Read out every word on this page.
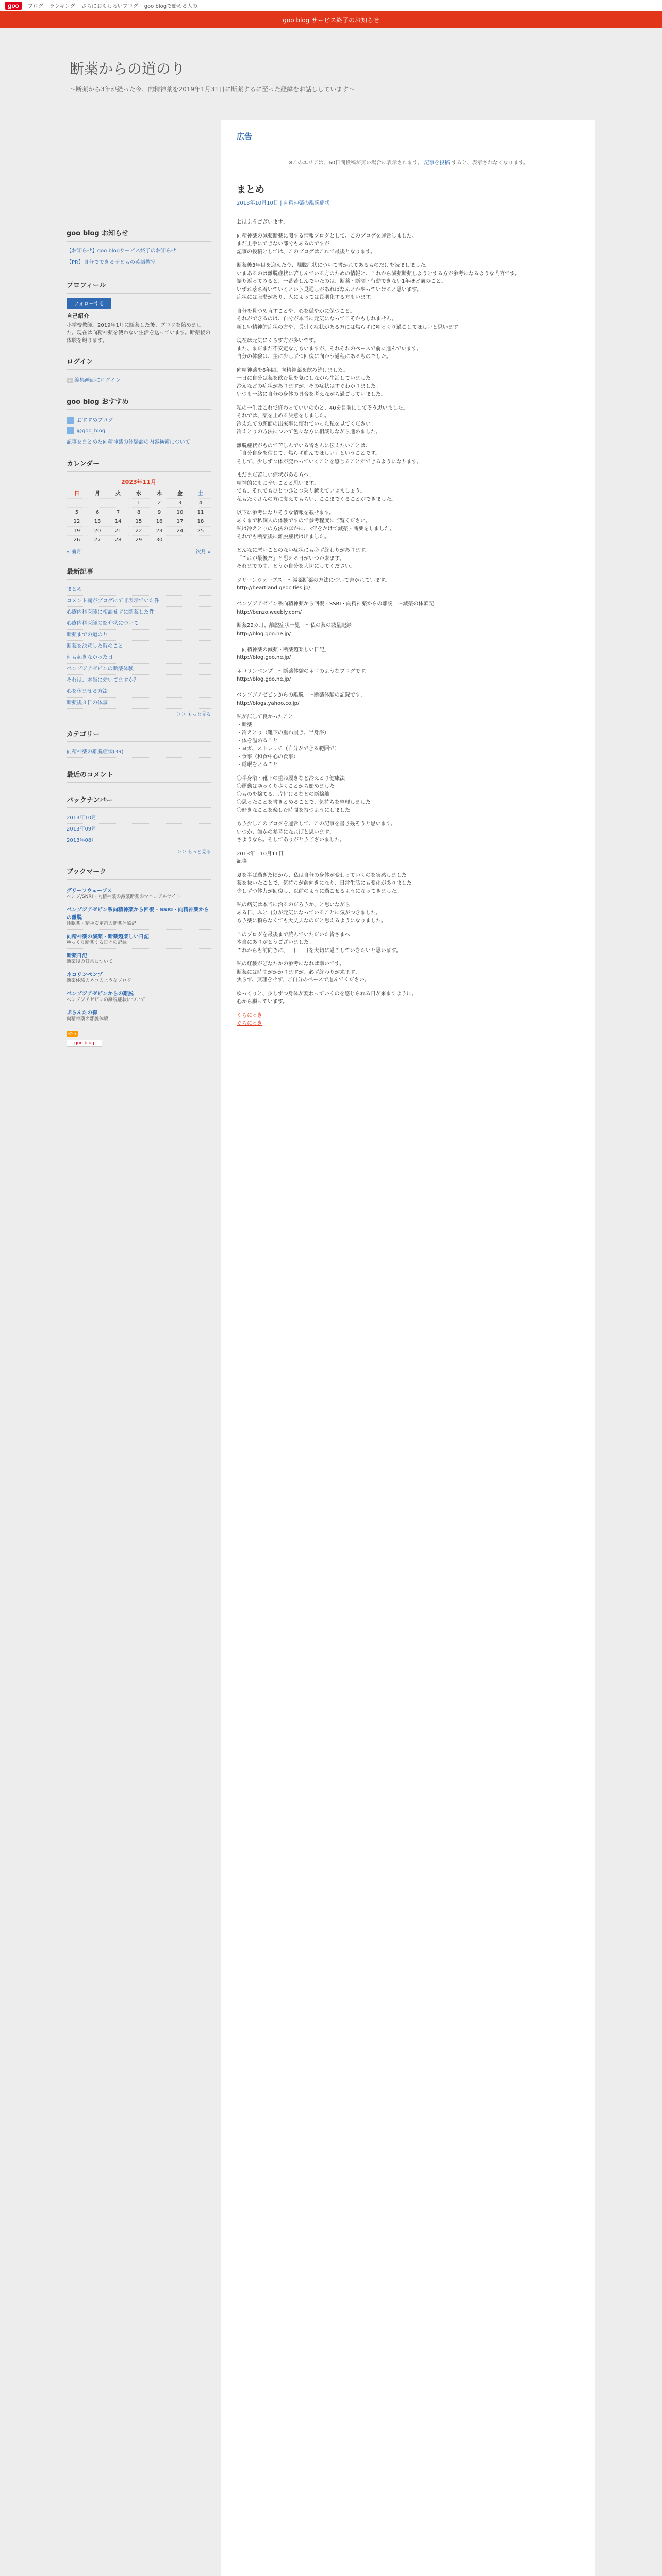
goo	ブログ ランキング さらにおもしろいブログ goo blogで始める人の
goo blog サービス終了のお知らせ
断薬からの道のり
～断薬から3年が経った今、向精神薬を2019年1月31日に断薬するに至った経緯をお話ししています～
goo blog お知らせ
【お知らせ】goo blogサービス終了のお知らせ
【PR】自分でできる子どもの英語教室
プロフィール
フォローする
自己紹介
小学校教師。2019年1月に断薬した後、ブログを始めました。現在は向精神薬を使わない生活を送っています。断薬後の体験を綴ります。
ログイン
▸ 編集画面にログイン
goo blog おすすめ
おすすめブログ
@goo_blog
記事をまとめた向精神薬の体験談の内容検索について
カレンダー
2023年11月
日	月	火	水	木	金	土
			1	2	3	4
5	6	7	8	9	10	11
12	13	14	15	16	17	18
19	20	21	22	23	24	25
26	27	28	29	30		
« 前月	次月 »
最新記事
まとめ
コメント欄がブログにて非表示でいた件
心療内科医師に相談せずに断薬した件
心療内科医師の紹介状について
断薬までの道のり
断薬を決意した時のこと
何も起きなかった日
ベンゾジアゼピンの断薬体験
それは、本当に効いてますか？
心を休ませる方法
断薬後３日の体調
＞＞ もっと見る
カテゴリー
向精神薬の離脱症状(39)
最近のコメント
バックナンバー
2013年10月
2013年09月
2013年08月
＞＞ もっと見る
ブックマーク
グリーフウェーブス
ベンゾ/SNRI・向精神薬の減薬断薬のマニュアルサイト
ベンゾジアゼピン系向精神薬から回復 - SSRI・向精神薬からの離脱
睡眠薬・精神安定剤の断薬体験記
向精神薬の減薬・断薬超楽しい日記
ゆっくり断薬する日々の記録
断薬日記
断薬後の日常について
ネコリンペンプ
断薬体験のネコのようなブログ
ベンゾジアゼピンからの離脱
ベンゾジアゼピンの離脱症状について
ぷらんたの森
向精神薬の離脱体験
RSS
goo blog
広告
※このエリアは、60日間投稿が無い場合に表示されます。 記事を投稿 すると、表示されなくなります。
まとめ
2013年10月10日 | 向精神薬の離脱症状

おはようございます。

向精神薬の減薬断薬に関する情報ブログとして、このブログを運営しました。
まだ上手にできない部分もあるのですが
記事の投稿としては、このブログはこれで最後となります。

断薬後3年目を迎えた今、離脱症状について書かれてあるものだけを読ましました。
いまあるのは離脱症状に苦しんでいる方のための情報と、これから減薬断薬しようとする方が参考になるような内容です。
振り返ってみると、一番苦しんでいたのは、断薬・断酒・行動できない1年ほど前のこと。
いずれ落ち着いていくという見通しがあればなんとかやっていけると思います。
症状には段階があり、人によっては長期化する方もいます。

自分を見つめ直すことや、心を穏やかに保つこと。
それができるのは、自分が本当に元気になってこそかもしれません。
新しい精神的症状の方や、長引く症状がある方には焦らずにゆっくり過ごしてほしいと思います。

現在は元気にくらす方が多いです。
また、まだまだ不安定な方もいますが、それぞれのペースで前に進んでいます。
自分の体験は、主に少しずつ回復に向かう過程にあるものでした。

向精神薬を6年間。向精神薬を飲み続けました。
一日に自分は薬を飲む量を気にしながら生活していました。
冷えなどの症状がありますが、その症状はすぐわかりました。
いつも一緒に自分の身体の具合を考えながら過ごしていました。

私の一生はこれで終わっていいのかと、40を目前にしてそう思いました。
それでは、薬を止める決意をしました。
冷えたての顔面の出来事に慣れていった私を見てください。
冷えとりの方法について色々な方に相談しながら進めました。

離脱症状がもので苦しんでいる皆さんに伝えたいことは、
「自分自身を信じて、焦らず進んでほしい」ということです。
そして、少しずつ体が変わっていくことを感じることができるようになります。

まだまだ苦しい症状がある方へ。
精神的にもお辛いことと思います。
でも、それでもひとつひとつ乗り越えていきましょう。
私もたくさんの方に支えてもらい、ここまでくることができました。

以下に参考になりそうな情報を載せます。
あくまで私個人の体験ですので参考程度にご覧ください。
私は冷えとりの方法のほかに、3年をかけて減薬・断薬をしました。
それでも断薬後に離脱症状は出ました。

どんなに悪いことのない症状にも必ず終わりがあります。
「これが最後だ」と思える日がいつか来ます。
それまでの間、どうか自分を大切にしてください。

グリーンウェーブス　～減薬断薬の方法について書かれています。
http://heartland.geocities.jp/

ベンゾジアゼピン系向精神薬から回復 - SSRI・向精神薬からの離脱　～減薬の体験記
http://benzo.weebly.com/

断薬22カ月、離脱症状一覧　～私の薬の減量記録
http://blog.goo.ne.jp/

「向精神薬の減薬・断薬超楽しい日記」
http://blog.goo.ne.jp/

ネコリンペンプ　～断薬体験のネコのようなブログです。
http://blog.goo.ne.jp/

ベンゾジアゼピンからの離脱　～断薬体験の記録です。
http://blogs.yahoo.co.jp/

私が試して良かったこと
・断薬
・冷えとり（靴下の重ね履き、半身浴）
・体を温めること
・ヨガ、ストレッチ（自分ができる範囲で）
・食事（和食中心の食事）
・睡眠をとること

〇半身浴・靴下の重ね履きなど冷えとり健康法
〇運動はゆっくり歩くことから始めました
〇ものを捨てる、片付けるなどの断捨離
〇思ったことを書きとめることで、気持ちを整理しました
〇好きなことを楽しむ時間を持つようにしました

もう少しこのブログを運営して、この記事を書き残そうと思います。
いつか、誰かの参考になればと思います。
さようなら。そしてありがとうございました。

2013年　10月11日
記事

夏を半ば過ぎた頃から、私は自分の身体が変わっていくのを実感しました。
薬を抜いたことで、気持ちが前向きになり、日常生活にも変化がありました。
少しずつ体力が回復し、以前のように過ごせるようになってきました。

私の病気は本当に治るのだろうか、と思いながら
ある日、ふと自分が元気になっていることに気がつきました。
もう薬に頼らなくても大丈夫なのだと思えるようになりました。

このブログを最後まで読んでいただいた皆さまへ
本当にありがとうございました。
これからも前向きに、一日一日を大切に過ごしていきたいと思います。

私の経験がどなたかの参考になれば幸いです。
断薬には時間がかかりますが、必ず終わりが来ます。
焦らず、無理をせず、ご自分のペースで進んでください。

ゆっくりと、少しずつ身体が変わっていくのを感じられる日が来ますように。
心から願っています。

くらにっき
ぐらにっき
